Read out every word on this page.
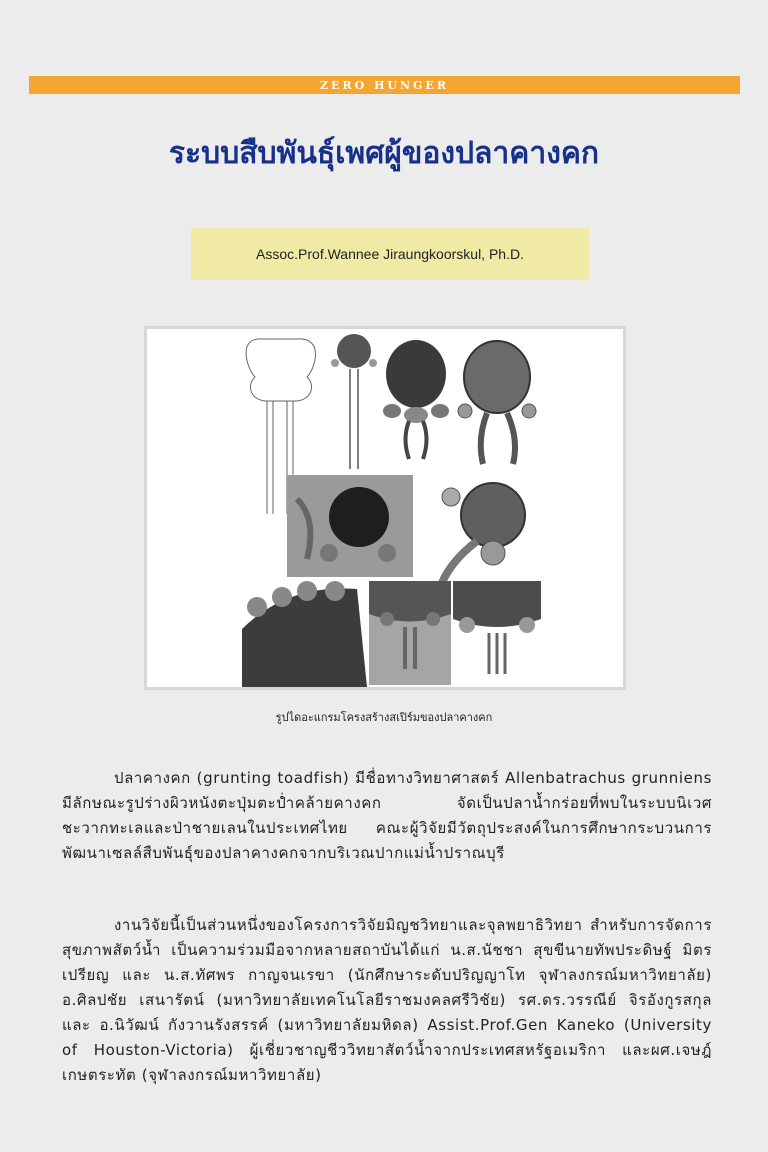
ZERO HUNGER
ระบบสืบพันธุ์เพศผู้ของปลาคางคก
Assoc.Prof.Wannee Jiraungkoorskul, Ph.D.
รูปไดอะแกรมโครงสร้างสเปิร์มของปลาคางคก

ปลาคางคก (grunting toadfish) มีชื่อทางวิทยาศาสตร์ Allenbatrachus grunniens มีลักษณะรูปร่างผิวหนังตะปุ่มตะป่ำคล้ายคางคก จัดเป็นปลาน้ำกร่อยที่พบในระบบนิเวศชะวากทะเลและป่าชายเลนในประเทศไทย คณะผู้วิจัยมีวัตถุประสงค์ในการศึกษากระบวนการพัฒนาเซลล์สืบพันธุ์ของปลาคางคกจากบริเวณปากแม่น้ำปราณบุรี

งานวิจัยนี้เป็นส่วนหนึ่งของโครงการวิจัยมิญชวิทยาและจุลพยาธิวิทยา สำหรับการจัดการสุขภาพสัตว์น้ำ เป็นความร่วมมือจากหลายสถาบันได้แก่ น.ส.นัชชา สุขขีนายทัพประดิษฐ์ มิตรเปรียญ และ น.ส.ทัศพร กาญจนเรขา (นักศึกษาระดับปริญญาโท จุฬาลงกรณ์มหาวิทยาลัย) อ.ศิลปชัย เสนารัตน์ (มหาวิทยาลัยเทคโนโลยีราชมงคลศรีวิชัย) รศ.ดร.วรรณีย์ จิรอังกูรสกุล และ อ.นิวัฒน์ กังวานรังสรรค์ (มหาวิทยาลัยมหิดล) Assist.Prof.Gen Kaneko (University of Houston-Victoria) ผู้เชี่ยวชาญชีววิทยาสัตว์น้ำจากประเทศสหรัฐอเมริกา และผศ.เจษฎ์ เกษตระทัต (จุฬาลงกรณ์มหาวิทยาลัย)
